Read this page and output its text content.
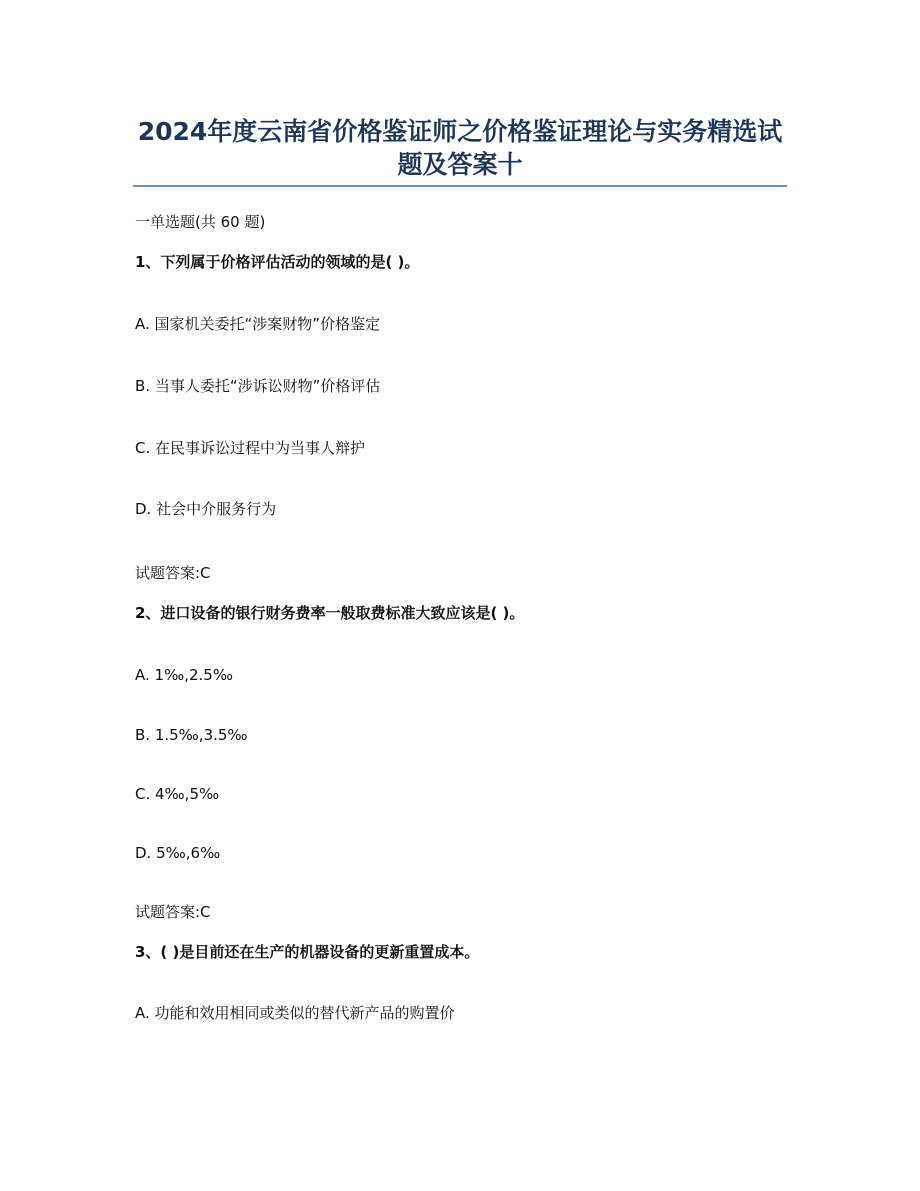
2024年度云南省价格鉴证师之价格鉴证理论与实务精选试
题及答案十
一单选题(共 60 题)
1、下列属于价格评估活动的领域的是( )。
A. 国家机关委托“涉案财物”价格鉴定
B. 当事人委托“涉诉讼财物”价格评估
C. 在民事诉讼过程中为当事人辩护
D. 社会中介服务行为
试题答案:C
2、进口设备的银行财务费率一般取费标准大致应该是( )。
A. 1‰,2.5‰
B. 1.5‰,3.5‰
C. 4‰,5‰
D. 5‰,6‰
试题答案:C
3、( )是目前还在生产的机器设备的更新重置成本。
A. 功能和效用相同或类似的替代新产品的购置价
